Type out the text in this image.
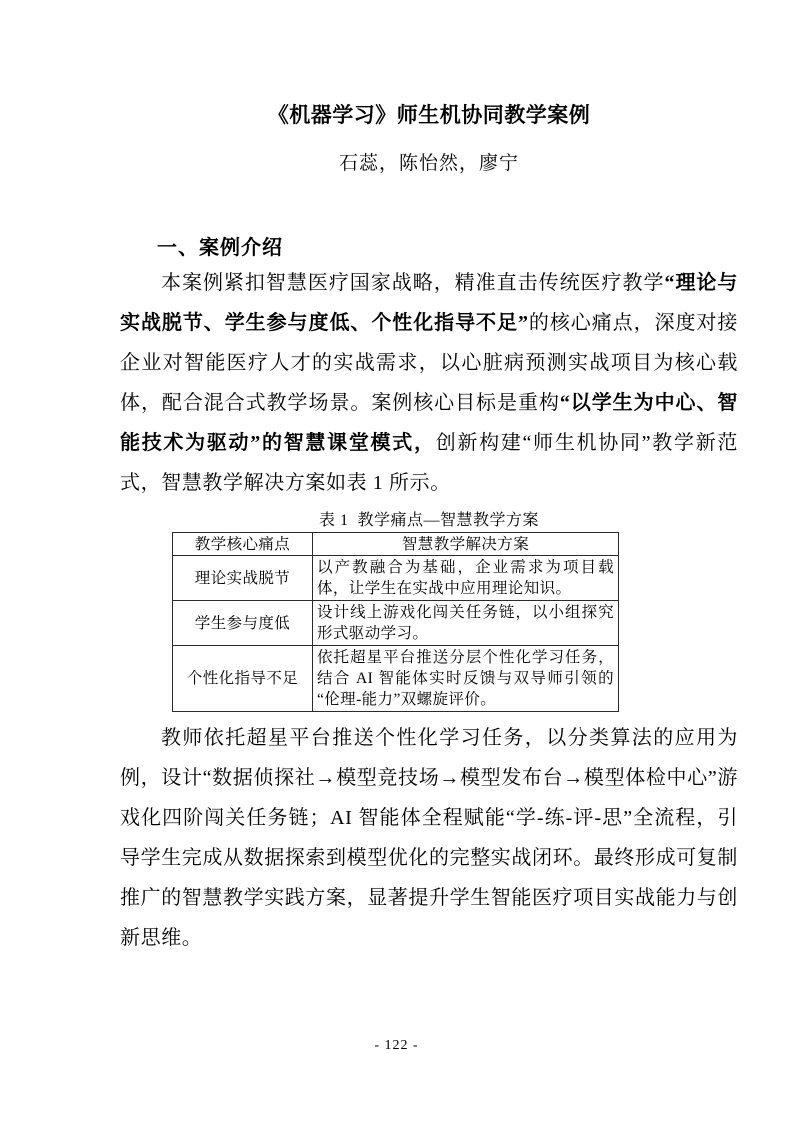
《机器学习》师生机协同教学案例
石蕊，陈怡然，廖宁
一、案例介绍

本案例紧扣智慧医疗国家战略，精准直击传统医疗教学“理论与实战脱节、学生参与度低、个性化指导不足”的核心痛点，深度对接企业对智能医疗人才的实战需求，以心脏病预测实战项目为核心载体，配合混合式教学场景。案例核心目标是重构“以学生为中心、智能技术为驱动”的智慧课堂模式，创新构建“师生机协同”教学新范式，智慧教学解决方案如表 1 所示。

表 1  教学痛点—智慧教学方案
教学核心痛点	智慧教学解决方案
理论实战脱节	以产教融合为基础，企业需求为项目载体，让学生在实战中应用理论知识。
学生参与度低	设计线上游戏化闯关任务链，以小组探究形式驱动学习。
个性化指导不足	依托超星平台推送分层个性化学习任务，结合 AI 智能体实时反馈与双导师引领的“伦理-能力”双螺旋评价。

教师依托超星平台推送个性化学习任务，以分类算法的应用为例，设计“数据侦探社→模型竞技场→模型发布台→模型体检中心”游戏化四阶闯关任务链；AI 智能体全程赋能“学-练-评-思”全流程，引导学生完成从数据探索到模型优化的完整实战闭环。最终形成可复制推广的智慧教学实践方案，显著提升学生智能医疗项目实战能力与创新思维。

- 122 -
